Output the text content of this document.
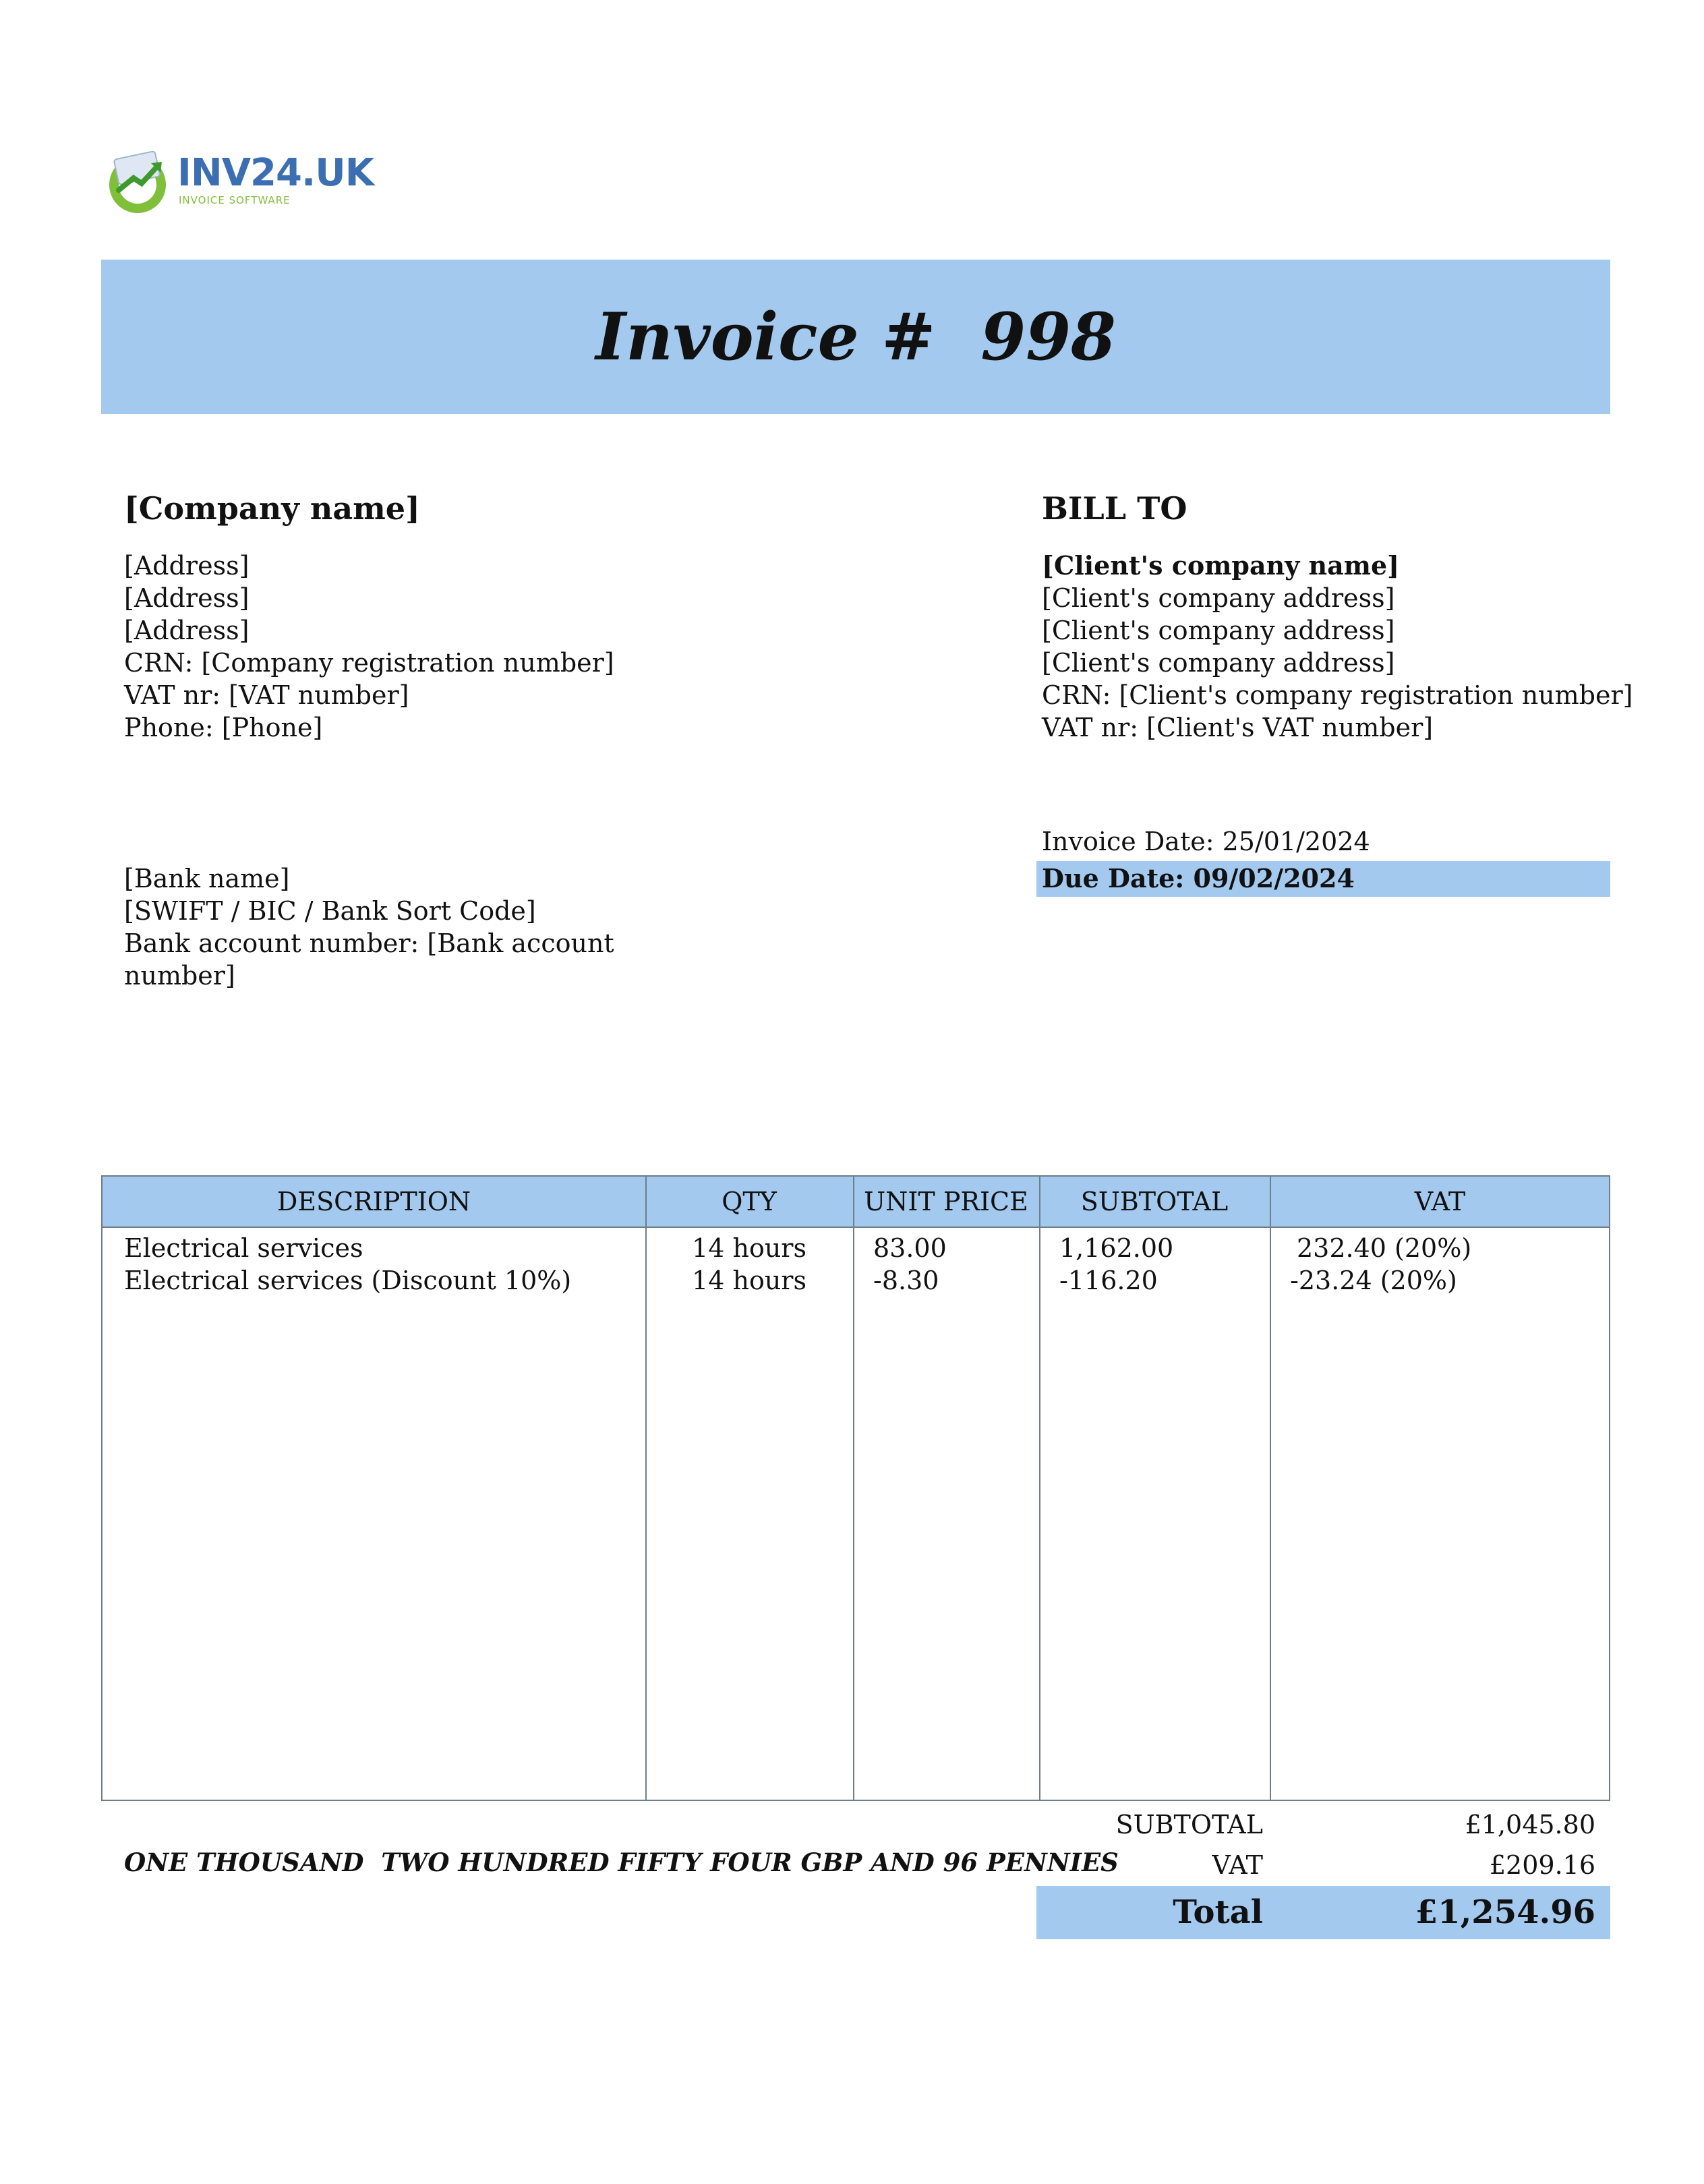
INV24.UK
INVOICE SOFTWARE
Invoice #  998
[Company name]
[Address]
[Address]
[Address]
CRN: [Company registration number]
VAT nr: [VAT number]
Phone: [Phone]
[Bank name]
[SWIFT / BIC / Bank Sort Code]
Bank account number: [Bank account
number]
BILL TO
[Client's company name]
[Client's company address]
[Client's company address]
[Client's company address]
CRN: [Client's company registration number]
VAT nr: [Client's VAT number]
Invoice Date: 25/01/2024
Due Date: 09/02/2024
DESCRIPTION	QTY	UNIT PRICE	SUBTOTAL	VAT
Electrical services	14 hours	83.00	1,162.00	232.40 (20%)
Electrical services (Discount 10%)	14 hours	-8.30	-116.20	-23.24 (20%)
ONE THOUSAND  TWO HUNDRED FIFTY FOUR GBP AND 96 PENNIES
SUBTOTAL	£1,045.80
VAT	£209.16
Total	£1,254.96
